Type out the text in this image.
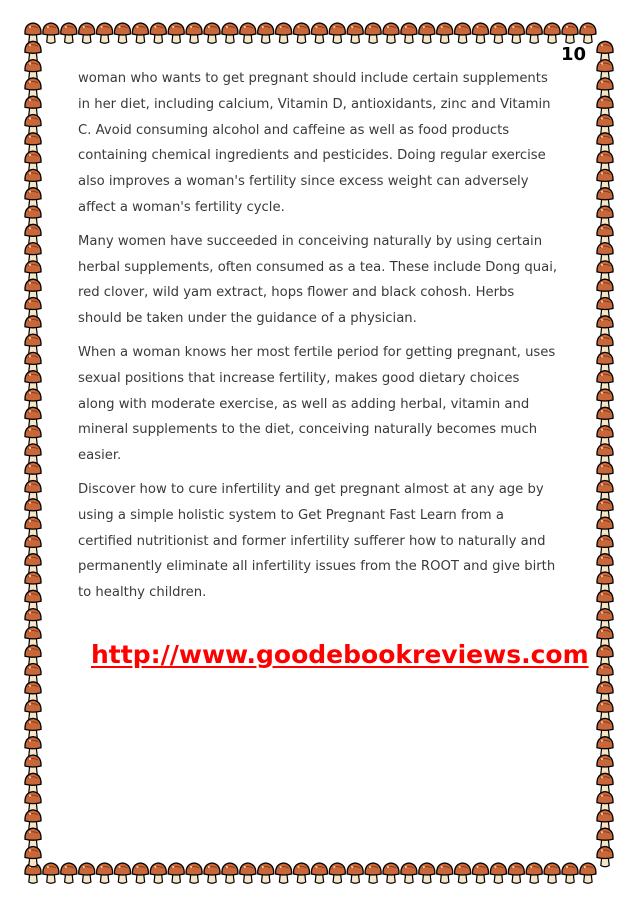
10

woman who wants to get pregnant should include certain supplements in her diet, including calcium, Vitamin D, antioxidants, zinc and Vitamin C. Avoid consuming alcohol and caffeine as well as food products containing chemical ingredients and pesticides. Doing regular exercise also improves a woman's fertility since excess weight can adversely affect a woman's fertility cycle.

Many women have succeeded in conceiving naturally by using certain herbal supplements, often consumed as a tea. These include Dong quai, red clover, wild yam extract, hops flower and black cohosh. Herbs should be taken under the guidance of a physician.

When a woman knows her most fertile period for getting pregnant, uses sexual positions that increase fertility, makes good dietary choices along with moderate exercise, as well as adding herbal, vitamin and mineral supplements to the diet, conceiving naturally becomes much easier.

Discover how to cure infertility and get pregnant almost at any age by using a simple holistic system to Get Pregnant Fast Learn from a certified nutritionist and former infertility sufferer how to naturally and permanently eliminate all infertility issues from the ROOT and give birth to healthy children.

http://www.goodebookreviews.com
